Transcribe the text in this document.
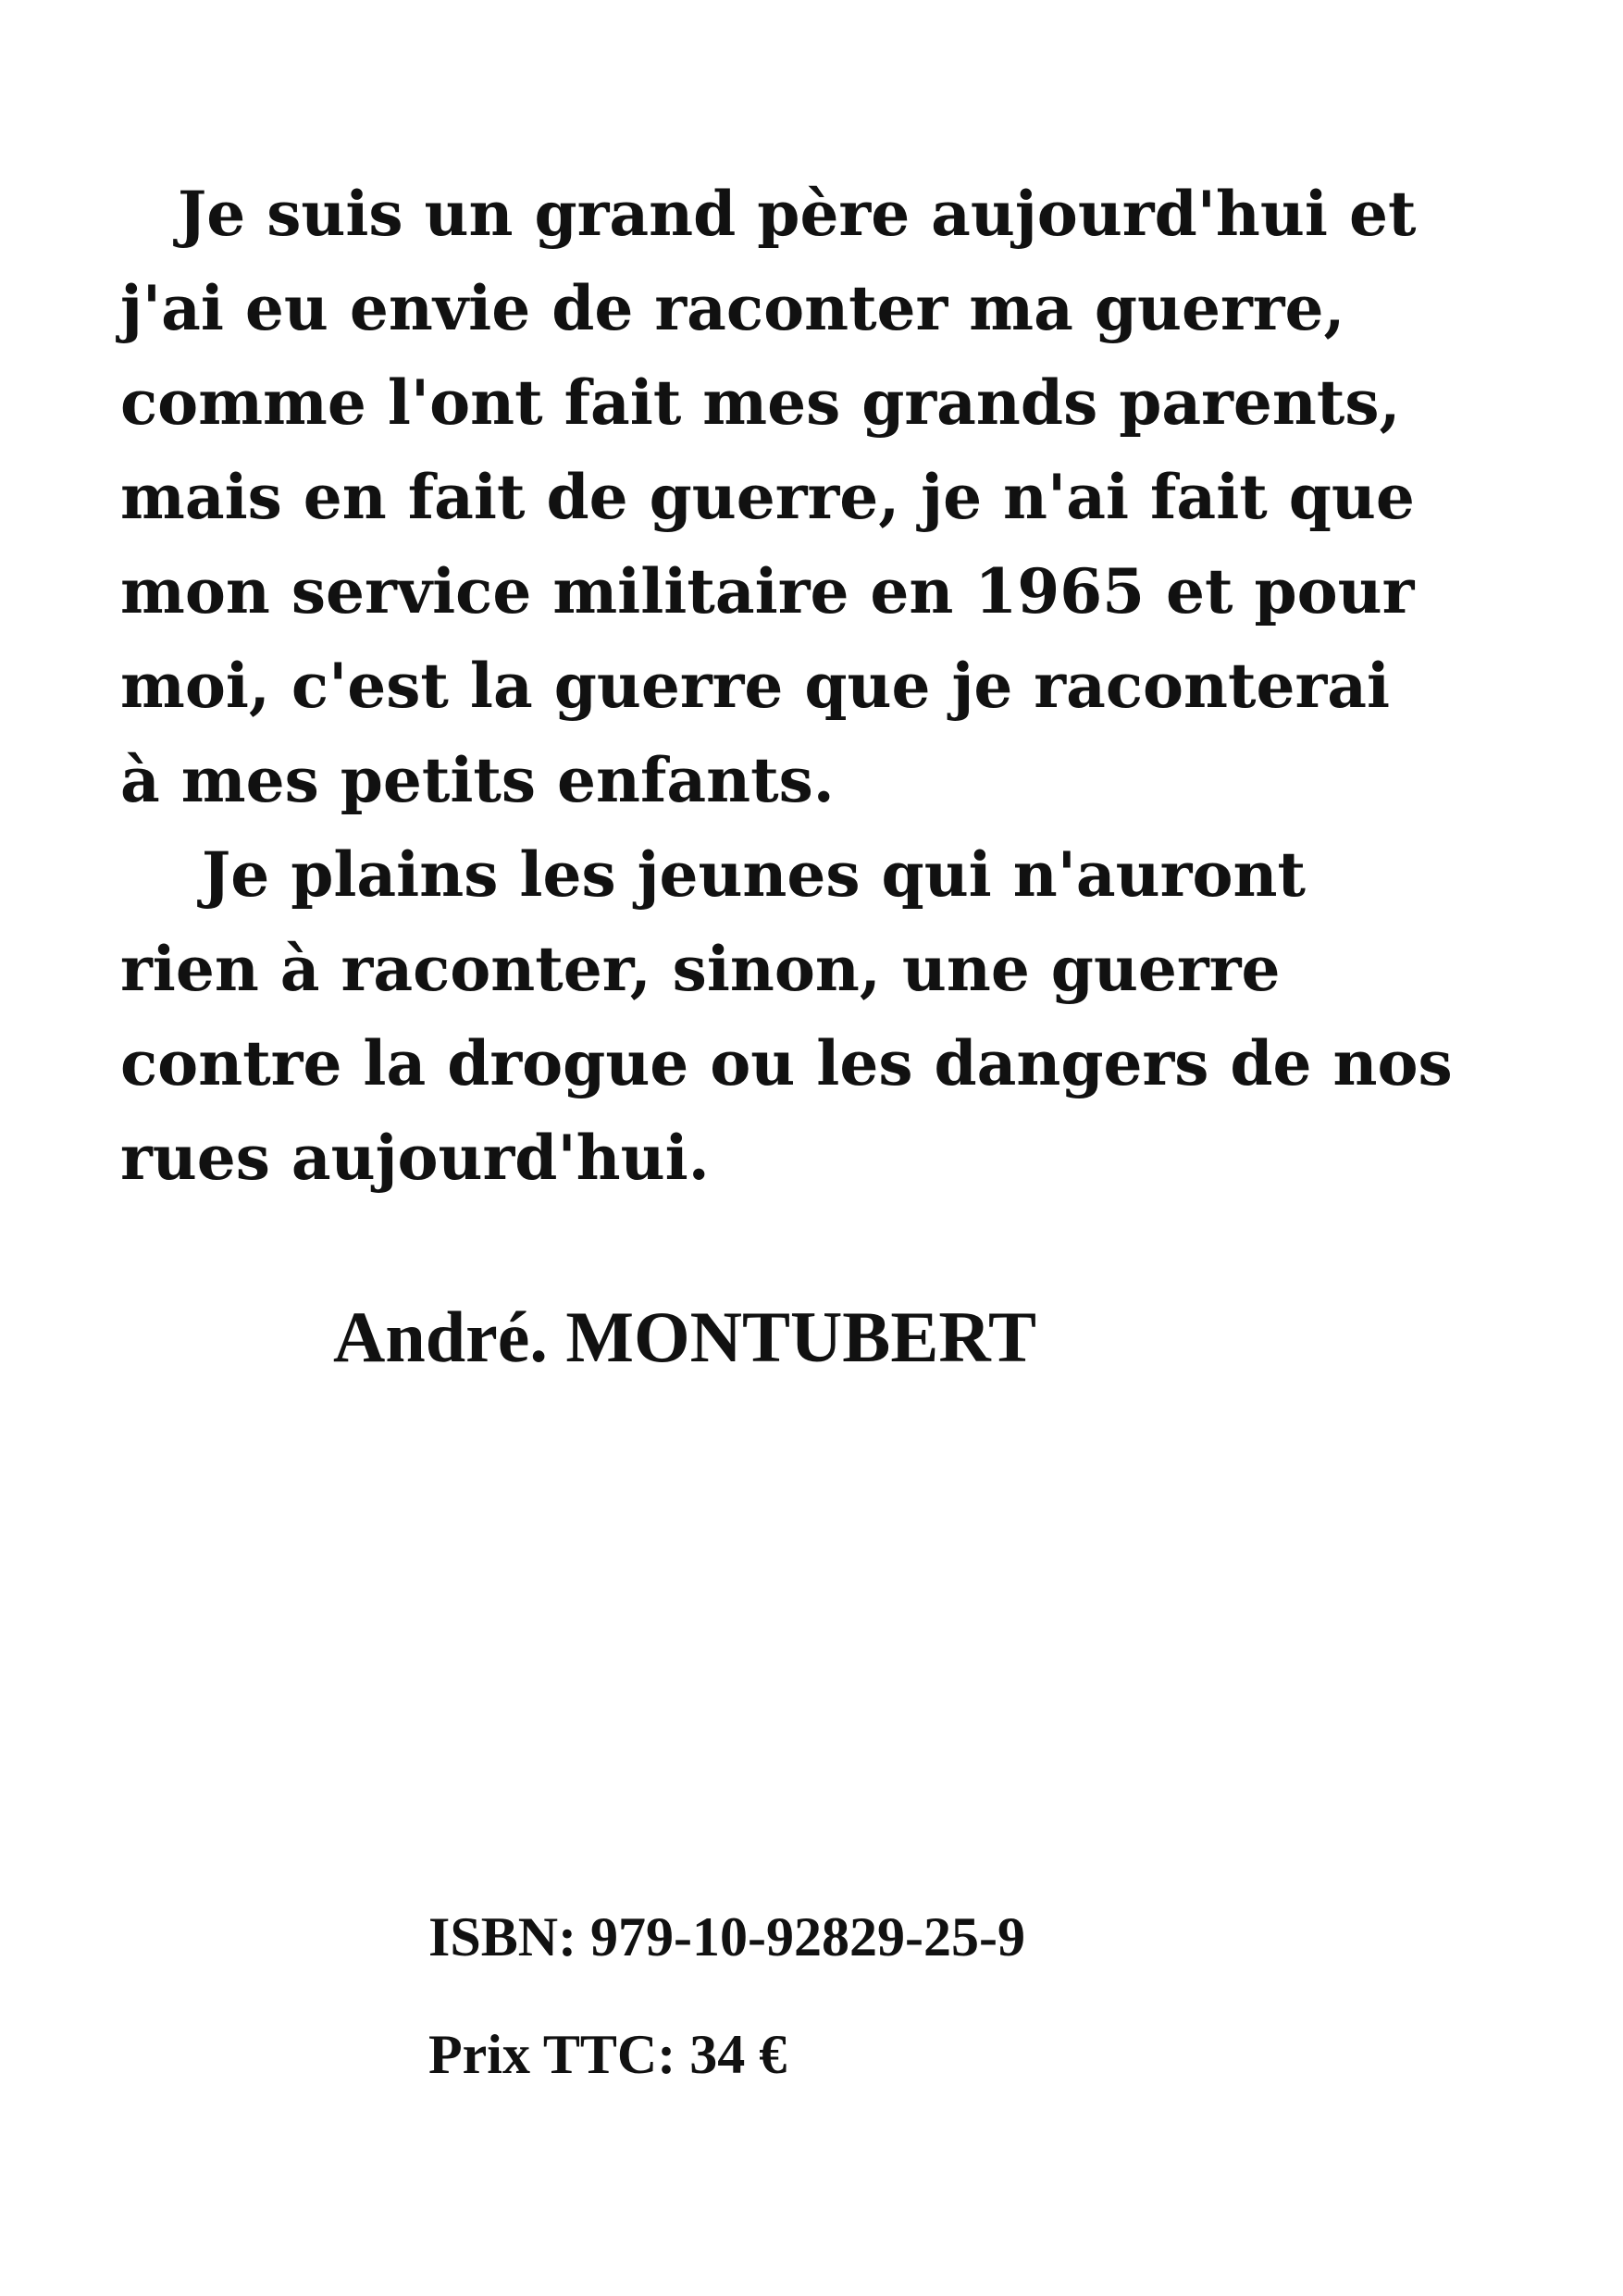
Je suis un grand père aujourd'hui et
j'ai eu envie de raconter ma guerre,
comme l'ont fait mes grands parents,
mais en fait de guerre, je n'ai fait que
mon service militaire en 1965 et pour
moi, c'est la guerre que je raconterai
à mes petits enfants.
Je plains les jeunes qui n'auront
rien à raconter, sinon, une guerre
contre la drogue ou les dangers de nos
rues aujourd'hui.
André. MONTUBERT
ISBN: 979-10-92829-25-9
Prix TTC: 34 €
